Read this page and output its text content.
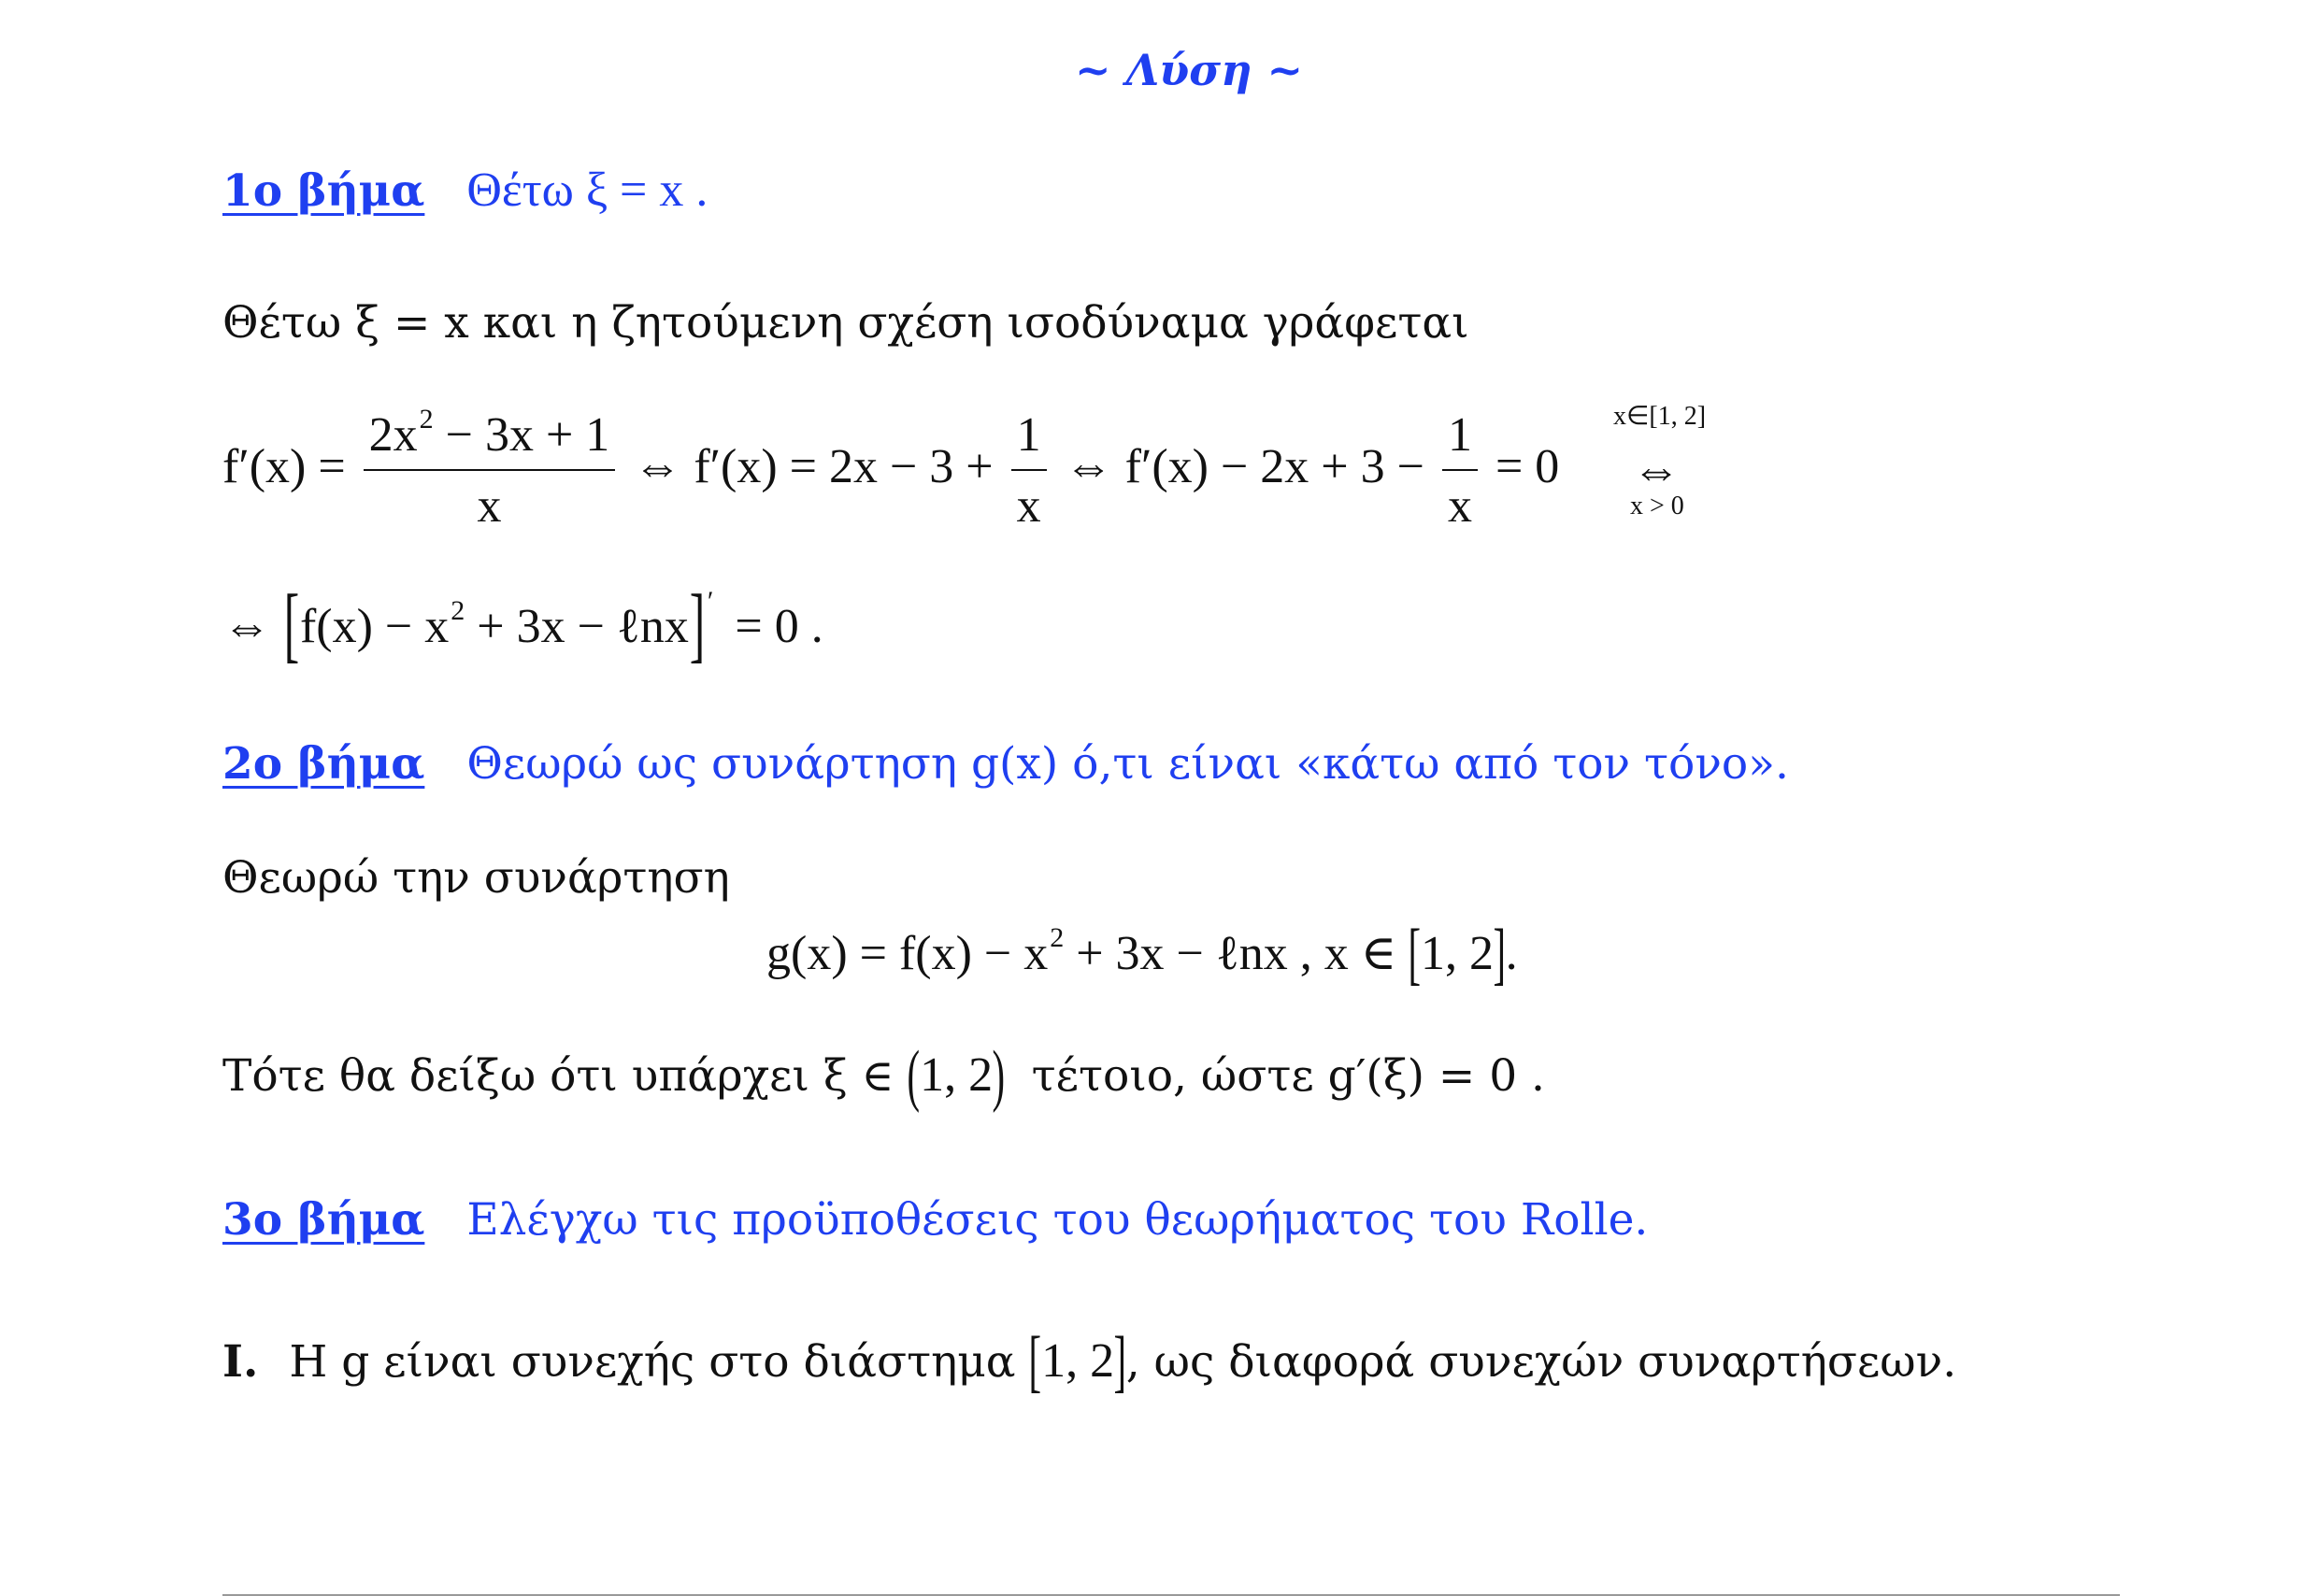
~ Λύση ~
1ο βήμα Θέτω ξ = x .
Θέτω ξ = x και η ζητούμενη σχέση ισοδύναμα γράφεται
$f'(x) = \frac{2x^2 - 3x + 1}{x}$ ⇔ $f'(x) = 2x - 3 + \frac{1}{x}$ ⇔ $f'(x) - 2x + 3 - \frac{1}{x} = 0$
x∈[1, 2]
⇔
x > 0
⇔ [$f(x) - x^2 + 3x$ − ℓnx]′ = 0 .
2ο βήμα Θεωρώ ως συνάρτηση g(x) ό,τι είναι «κάτω από τον τόνο».
Θεωρώ την συνάρτηση
$g(x) = f(x) - x^2 + 3x$ − ℓnx , x ∈ [1, 2].
Τότε θα δείξω ότι υπάρχει ξ ∈ (1, 2) τέτοιο, ώστε g′(ξ) = 0 .
3ο βήμα Ελέγχω τις προϋποθέσεις του θεωρήματος του Rolle.
I. Η g είναι συνεχής στο διάστημα [1, 2], ως διαφορά συνεχών συναρτήσεων.
